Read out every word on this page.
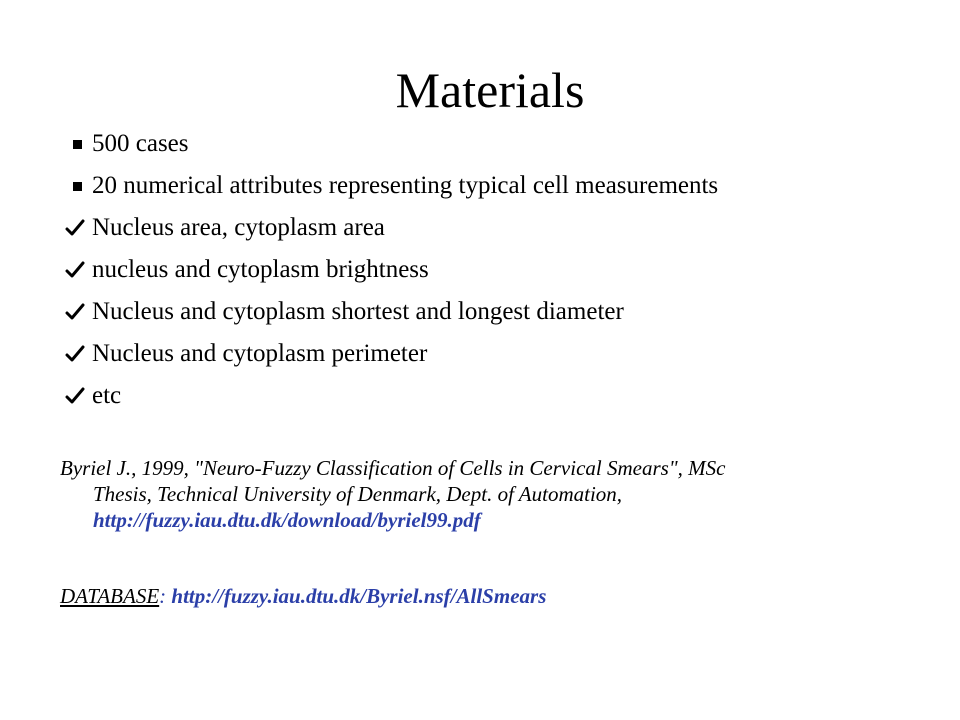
Materials
500 cases
20 numerical attributes representing typical cell measurements
Nucleus area, cytoplasm area
nucleus and cytoplasm brightness
Nucleus and cytoplasm shortest and longest diameter
Nucleus and cytoplasm perimeter
etc
Byriel J., 1999, "Neuro-Fuzzy Classification of Cells in Cervical Smears", MSc
Thesis, Technical University of Denmark, Dept. of Automation,
http://fuzzy.iau.dtu.dk/download/byriel99.pdf
DATABASE: http://fuzzy.iau.dtu.dk/Byriel.nsf/AllSmears
